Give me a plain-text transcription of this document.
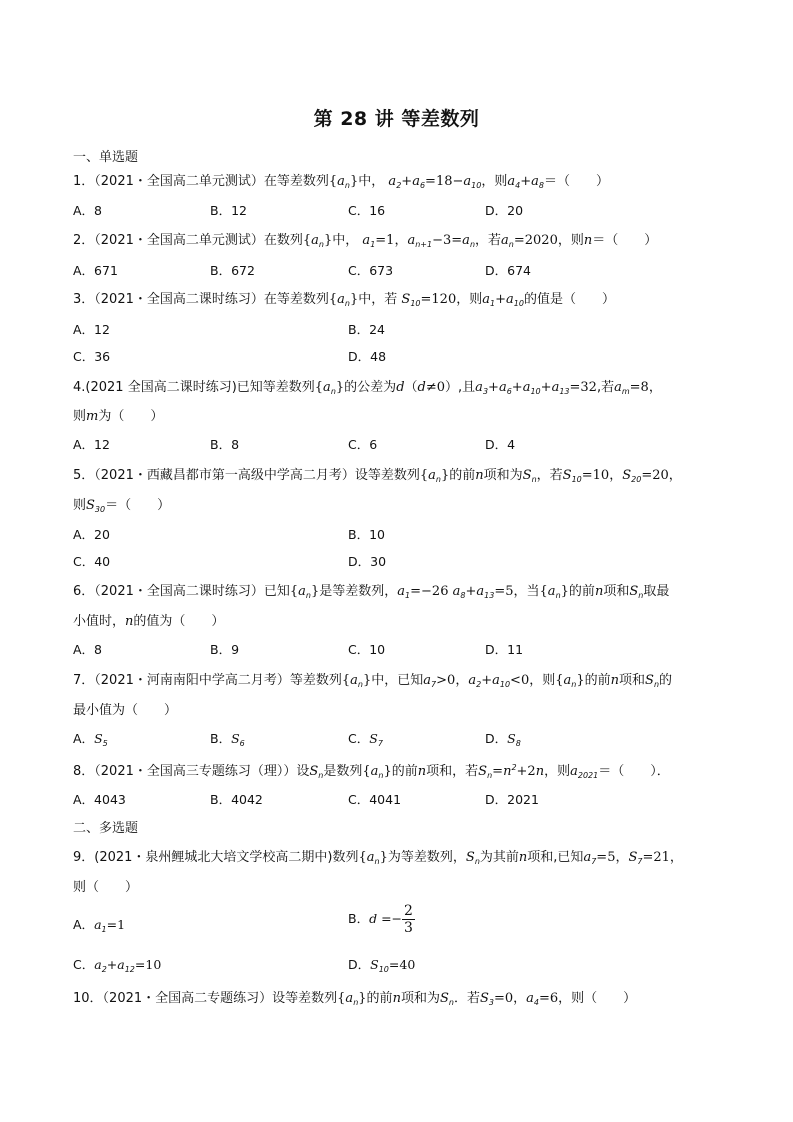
第 28 讲 等差数列
一、单选题
1．（2021・全国高二单元测试）在等差数列$\{a_n\}$中， $a_2+a_6=18-a_{10}$，则$a_4+a_8=$（　　）
A．8	B．12	C．16	D．20
2．（2021・全国高二单元测试）在数列$\{a_n\}$中， $a_1=1$，$a_{n+1}-3=a_n$，若$a_n=2020$，则n＝（　　）
A．671	B．672	C．673	D．674
3．（2021・全国高二课时练习）在等差数列$\{a_n\}$中，若 $S_{10}=120$，则$a_1+a_{10}$的值是（　　）
A．12	B．24
C．36	D．48
4.(2021 全国高二课时练习)已知等差数列$\{a_n\}$的公差为d（d≠0）,且$a_3+a_6+a_{10}+a_{13}=32$,若$a_m=8$，
则m为（　　）
A．12	B．8	C．6	D．4
5．（2021・西藏昌都市第一高级中学高二月考）设等差数列$\{a_n\}$的前n项和为$S_n$，若$S_{10}=10$，$S_{20}=20$，
则$S_{30}=$（　　）
A．20	B．10
C．40	D．30
6．（2021・全国高二课时练习）已知$\{a_n\}$是等差数列，$a_1=-26$ $a_8+a_{13}=5$，当$\{a_n\}$的前n项和$S_n$取最
小值时，n的值为（　　）
A．8	B．9	C．10	D．11
7．（2021・河南南阳中学高二月考）等差数列$\{a_n\}$中，已知$a_7>0$，$a_2+a_{10}<0$，则$\{a_n\}$的前n项和$S_n$的
最小值为（　　）
A．$S_5$	B．$S_6$	C．$S_7$	D．$S_8$
8．（2021・全国高三专题练习（理））设$S_n$是数列$\{a_n\}$的前n项和，若$S_n=n^2+2n$，则$a_{2021}=$（　　）．
A．4043	B．4042	C．4041	D．2021
二、多选题
9．(2021・泉州鲤城北大培文学校高二期中)数列$\{a_n\}$为等差数列，$S_n$为其前n项和,已知$a_7=5$，$S_7=21$，
则（　　）
A．$a_1=1$	B．$d =- \frac{2}{3}$
C．$a_2+a_{12}=10$	D．$S_{10}=40$
10．（2021・全国高二专题练习）设等差数列$\{a_n\}$的前n项和为$S_n$．若$S_3=0$，$a_4=6$，则（　　）
